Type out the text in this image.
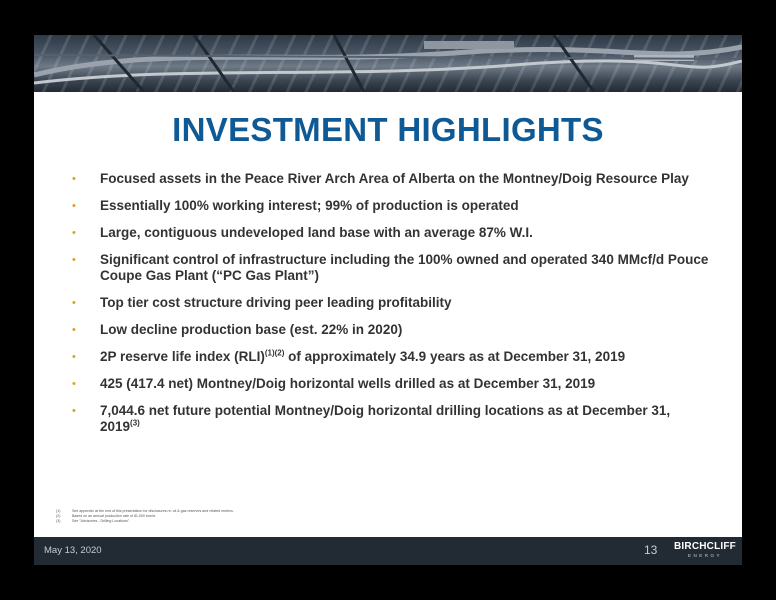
INVESTMENT HIGHLIGHTS
• Focused assets in the Peace River Arch Area of Alberta on the Montney/Doig Resource Play
• Essentially 100% working interest; 99% of production is operated
• Large, contiguous undeveloped land base with an average 87% W.I.
• Significant control of infrastructure including the 100% owned and operated 340 MMcf/d Pouce Coupe Gas Plant (“PC Gas Plant”)
• Top tier cost structure driving peer leading profitability
• Low decline production base (est. 22% in 2020)
• 2P reserve life index (RLI)$^{(1)(2)}$ of approximately 34.9 years as at December 31, 2019
• 425 (417.4 net) Montney/Doig horizontal wells drilled as at December 31, 2019
• 7,044.6 net future potential Montney/Doig horizontal drilling locations as at December 31, 2019$^{(3)}$
(1)	See appendix at the end of this presentation for disclosures re: oil & gas reserves and related metrics.
(2)	Based on an annual production rate of 81,000 boe/d.
(3)	See "Advisories - Drilling Locations".
May 13, 2020	13	BIRCHCLIFF
ENERGY
